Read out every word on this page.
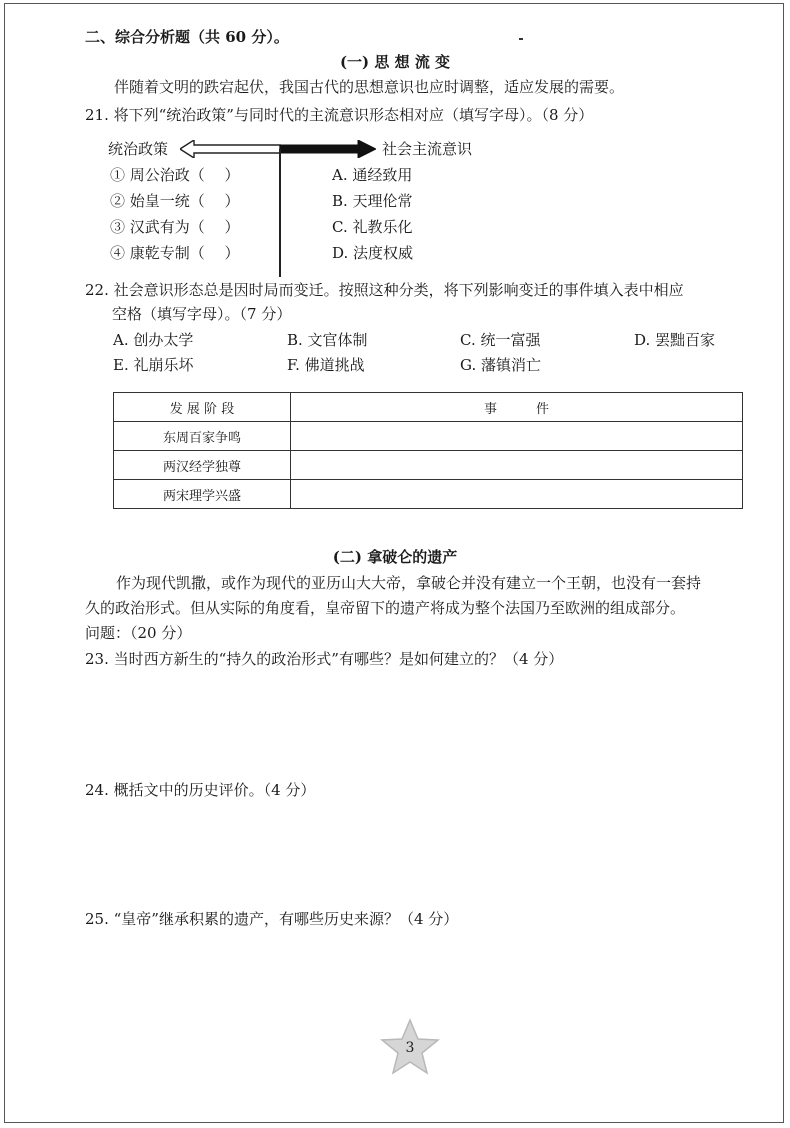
二、综合分析题（共 60 分）。
(一) 思 想 流 变
伴随着文明的跌宕起伏，我国古代的思想意识也应时调整，适应发展的需要。
21. 将下列“统治政策”与同时代的主流意识形态相对应（填写字母）。（8 分）
统治政策	社会主流意识
① 周公治政（　 ）
② 始皇一统（　 ）
③ 汉武有为（　 ）
④ 康乾专制（　 ）
A. 通经致用
B. 天理伦常
C. 礼教乐化
D. 法度权威
22. 社会意识形态总是因时局而变迁。按照这种分类，将下列影响变迁的事件填入表中相应
空格（填写字母）。（7 分）
A. 创办太学	B. 文官体制	C. 统一富强	D. 罢黜百家
E. 礼崩乐坏	F. 佛道挑战	G. 藩镇消亡
发 展 阶 段	事　　　件
东周百家争鸣	
两汉经学独尊	
两宋理学兴盛	
(二) 拿破仑的遗产
作为现代凯撒，或作为现代的亚历山大大帝，拿破仑并没有建立一个王朝，也没有一套持
久的政治形式。但从实际的角度看，皇帝留下的遗产将成为整个法国乃至欧洲的组成部分。
问题：（20 分）
23. 当时西方新生的“持久的政治形式”有哪些？是如何建立的？（4 分）
24. 概括文中的历史评价。（4 分）
25. “皇帝”继承积累的遗产，有哪些历史来源？（4 分）
3
